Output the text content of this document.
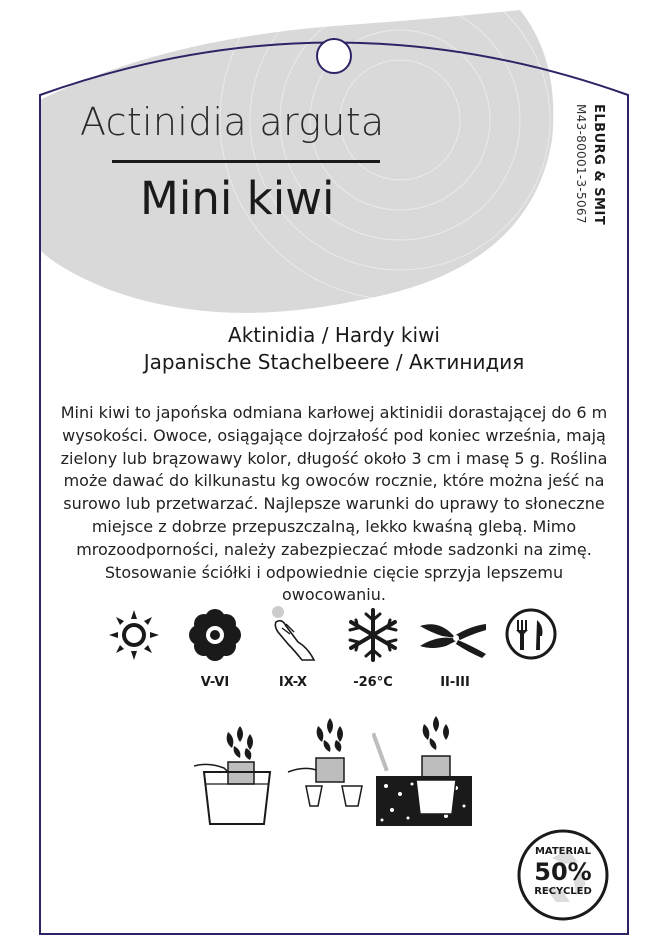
Actinidia arguta
Mini kiwi	ELBURG & SMIT
M43-80001-3-5067
Aktinidia / Hardy kiwi
Japanische Stachelbeere / Актинидия
Mini kiwi to japońska odmiana karłowej aktinidii dorastającej do 6 m wysokości. Owoce, osiągające dojrzałość pod koniec września, mają zielony lub brązowawy kolor, długość około 3 cm i masę 5 g. Roślina może dawać do kilkunastu kg owoców rocznie, które można jeść na surowo lub przetwarzać. Najlepsze warunki do uprawy to słoneczne miejsce z dobrze przepuszczalną, lekko kwaśną glebą. Mimo mrozoodporności, należy zabezpieczać młode sadzonki na zimę. Stosowanie ściółki i odpowiednie cięcie sprzyja lepszemu owocowaniu.
V-VI	IX-X	-26°C	II-III
MATERIAL
50%
RECYCLED
